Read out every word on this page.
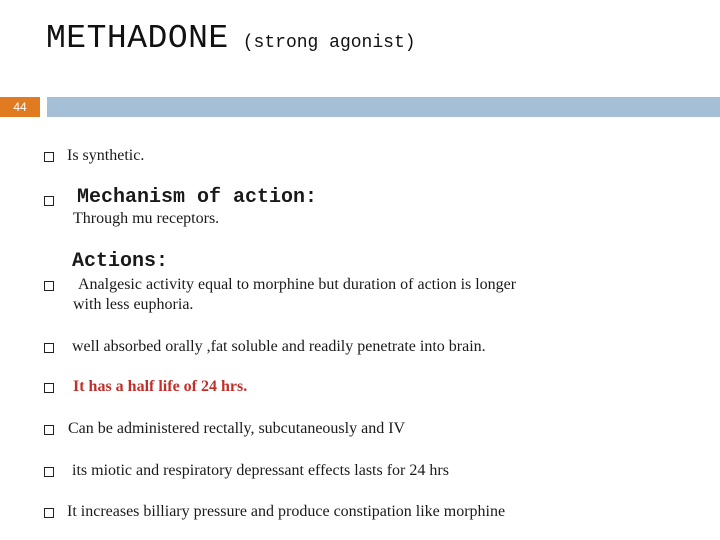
METHADONE (strong agonist)
44
Is synthetic.
Mechanism of action:
Through mu receptors.
Actions:
Analgesic activity equal to morphine but duration of action is longer
with less euphoria.
well absorbed orally ,fat soluble and readily penetrate into brain.
It has a half life of 24 hrs.
Can be administered rectally, subcutaneously and IV
its miotic and respiratory depressant effects lasts for 24 hrs
It increases billiary pressure and produce constipation like morphine
